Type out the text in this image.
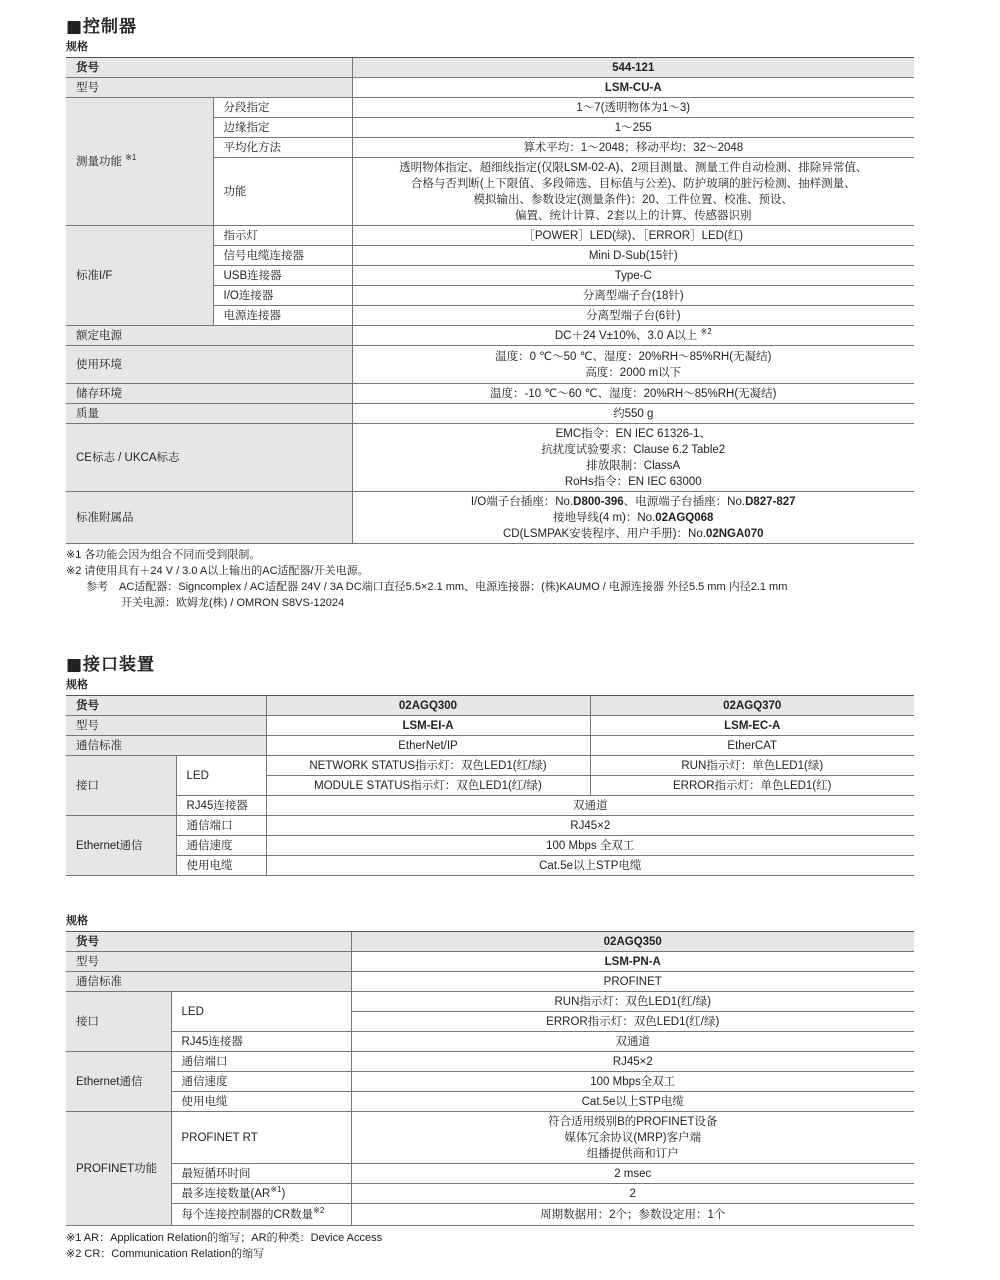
■控制器
规格
货号		544-121
型号		LSM-CU-A
测量功能 $^{※1}$	分段指定	1～7(透明物体为1～3)
	边缘指定	1～255
	平均化方法	算术平均：1～2048；移动平均：32～2048
	功能	透明物体指定、超细线指定(仅限LSM-02-A)、2项目测量、测量工件自动检测、排除异常值、
合格与否判断(上下限值、多段筛选、目标值与公差)、防护玻璃的脏污检测、抽样测量、
模拟输出、参数设定(测量条件)：20、工件位置、校准、预设、
偏置、统计计算、2套以上的计算、传感器识别

标准I/F	指示灯	［POWER］LED(绿)、［ERROR］LED(红)
	信号电缆连接器	Mini D-Sub(15针)
	USB连接器	Type-C
	I/O连接器	分离型端子台(18针)
	电源连接器	分离型端子台(6针)
额定电源		DC＋24 V±10%、3.0 A以上 $^{※2}$
使用环境		温度：0 ℃～50 ℃、湿度：20%RH～85%RH(无凝结)
高度：2000 m以下

储存环境		温度：-10 ℃～60 ℃、湿度：20%RH～85%RH(无凝结)
质量		约550 g
CE标志 / UKCA标志		EMC指令：EN IEC 61326-1、
抗扰度试验要求：Clause 6.2 Table2
排放限制：ClassA
RoHs指令：EN IEC 63000

标准附属品		I/O端子台插座：No.D800-396、电源端子台插座：No.D827-827
接地导线(4 m)：No.02AGQ068
CD(LSMPAK安装程序、用户手册)：No.02NGA070
※1 各功能会因为组合不同而受到限制。
※2 请使用具有＋24 V / 3.0 A以上输出的AC适配器/开关电源。
参考　AC适配器：Signcomplex / AC适配器 24V / 3A DC端口直径5.5×2.1 mm、电源连接器：(株)KAUMO / 电源连接器 外径5.5 mm 内径2.1 mm
开关电源：欧姆龙(株) / OMRON S8VS-12024
■接口装置
规格
货号		02AGQ300	02AGQ370
型号		LSM-EI-A	LSM-EC-A
通信标准		EtherNet/IP	EtherCAT
接口	LED	NETWORK STATUS指示灯：双色LED1(红/绿)	RUN指示灯：单色LED1(绿)
		MODULE STATUS指示灯：双色LED1(红/绿)	ERROR指示灯：单色LED1(红)
	RJ45连接器	双通道	
Ethernet通信	通信端口	RJ45×2	
	通信速度	100 Mbps 全双工	
	使用电缆	Cat.5e以上STP电缆	
规格
货号		02AGQ350
型号		LSM-PN-A
通信标准		PROFINET
接口	LED	RUN指示灯：双色LED1(红/绿)
		ERROR指示灯：双色LED1(红/绿)
	RJ45连接器	双通道
Ethernet通信	通信端口	RJ45×2
	通信速度	100 Mbps全双工
	使用电缆	Cat.5e以上STP电缆
PROFINET功能	PROFINET RT	符合适用级别B的PROFINET设备
媒体冗余协议(MRP)客户端
组播提供商和订户

	最短循环时间	2 msec
	最多连接数量(AR$^{※1}$)	2
	每个连接控制器的CR数量$^{※2}$	周期数据用：2个；参数设定用：1个
※1 AR：Application Relation的缩写；AR的种类：Device Access
※2 CR：Communication Relation的缩写
